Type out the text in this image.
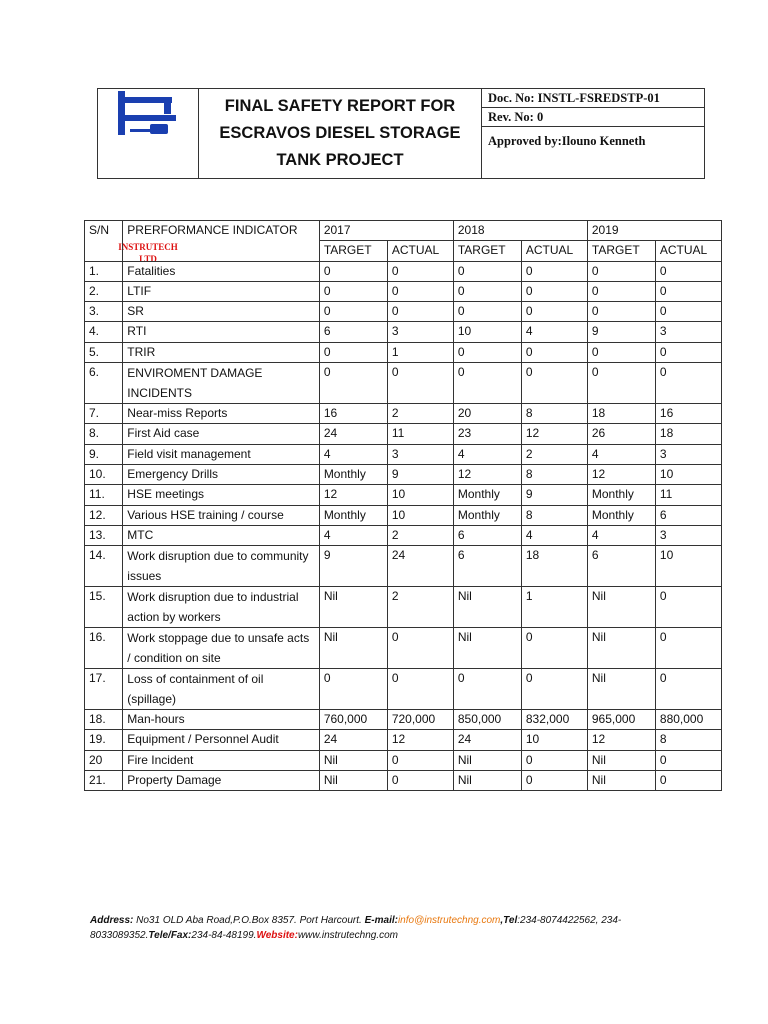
INSTRUTECH
LTD
FINAL SAFETY REPORT FOR
ESCRAVOS DIESEL STORAGE
TANK PROJECT
Doc. No: INSTL-FSREDSTP-01
Rev. No: 0
Approved by:Ilouno Kenneth
S/N	PRERFORMANCE INDICATOR	2017		2018		2019	
		TARGET	ACTUAL	TARGET	ACTUAL	TARGET	ACTUAL
1.	Fatalities	0	0	0	0	0	0
2.	LTIF	0	0	0	0	0	0
3.	SR	0	0	0	0	0	0
4.	RTI	6	3	10	4	9	3
5.	TRIR	0	1	0	0	0	0
6.	ENVIROMENT DAMAGE INCIDENTS	0	0	0	0	0	0
7.	Near-miss Reports	16	2	20	8	18	16
8.	First Aid case	24	11	23	12	26	18
9.	Field visit management	4	3	4	2	4	3
10.	Emergency Drills	Monthly	9	12	8	12	10
11.	HSE meetings	12	10	Monthly	9	Monthly	11
12.	Various HSE training / course	Monthly	10	Monthly	8	Monthly	6
13.	MTC	4	2	6	4	4	3
14.	Work disruption due to community issues	9	24	6	18	6	10
15.	Work disruption due to industrial action by workers	Nil	2	Nil	1	Nil	0
16.	Work stoppage due to unsafe acts / condition on site	Nil	0	Nil	0	Nil	0
17.	Loss of containment of oil (spillage)	0	0	0	0	Nil	0
18.	Man-hours	760,000	720,000	850,000	832,000	965,000	880,000
19.	Equipment / Personnel Audit	24	12	24	10	12	8
20	Fire Incident	Nil	0	Nil	0	Nil	0
21.	Property Damage	Nil	0	Nil	0	Nil	0
Address: No31 OLD Aba Road,P.O.Box 8357. Port Harcourt. E-mail:info@instrutechng.com,Tel:234-8074422562, 234-8033089352.Tele/Fax:234-84-48199.Website:www.instrutechng.com
